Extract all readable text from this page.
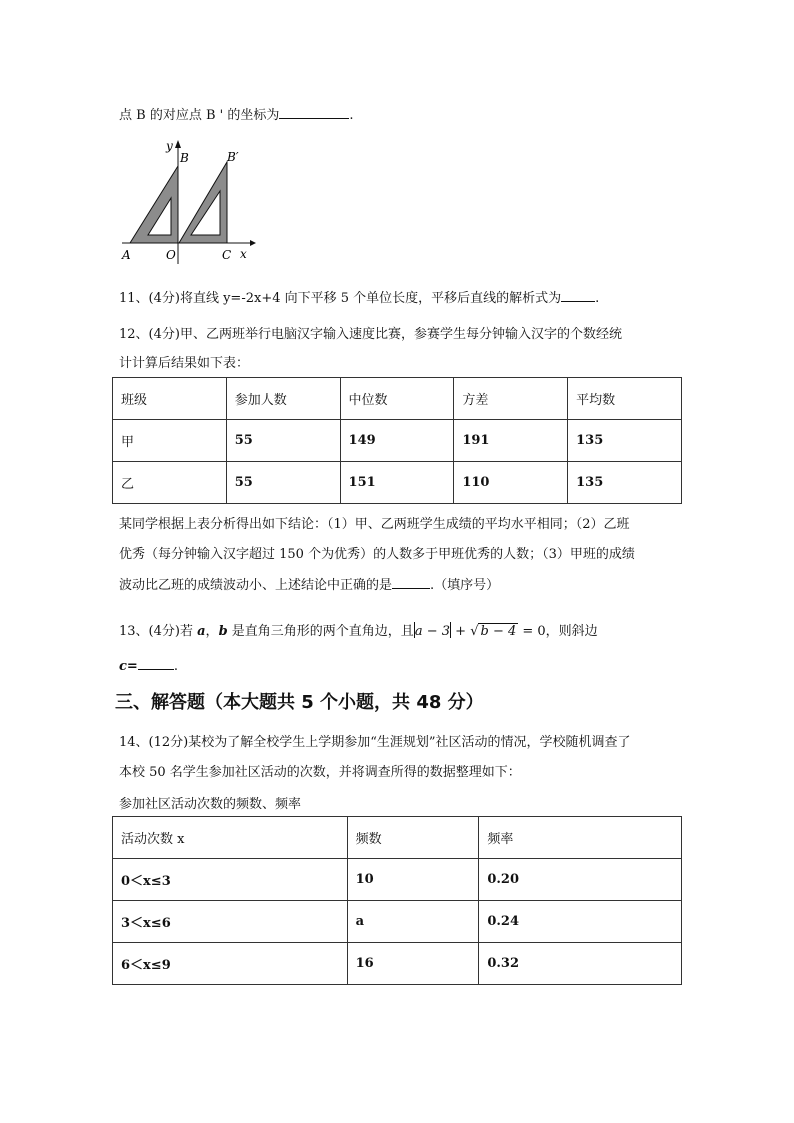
点 B 的对应点 B ' 的坐标为	.
y
B	B′
x
A	O	C
11、(4分)将直线 y=-2x+4 向下平移 5 个单位长度，平移后直线的解析式为	.
12、(4分)甲、乙两班举行电脑汉字输入速度比赛，参赛学生每分钟输入汉字的个数经统
计计算后结果如下表：
班级	参加人数	中位数	方差	平均数
甲	55	149	191	135
乙	55	151	110	135
某同学根据上表分析得出如下结论：（1）甲、乙两班学生成绩的平均水平相同；（2）乙班
优秀（每分钟输入汉字超过 150 个为优秀）的人数多于甲班优秀的人数；（3）甲班的成绩
波动比乙班的成绩波动小、上述结论中正确的是	.（填序号）
13、(4分)若 a，b 是直角三角形的两个直角边，且a − 3 + √ b − 4 = 0，则斜边
c=	.
三、解答题（本大题共 5 个小题，共 48 分）
14、(12分)某校为了解全校学生上学期参加“生涯规划”社区活动的情况，学校随机调查了
本校 50 名学生参加社区活动的次数，并将调查所得的数据整理如下：
参加社区活动次数的频数、频率
活动次数 x	频数	频率
0＜x≤3	10	0.20
3＜x≤6	a	0.24
6＜x≤9	16	0.32
